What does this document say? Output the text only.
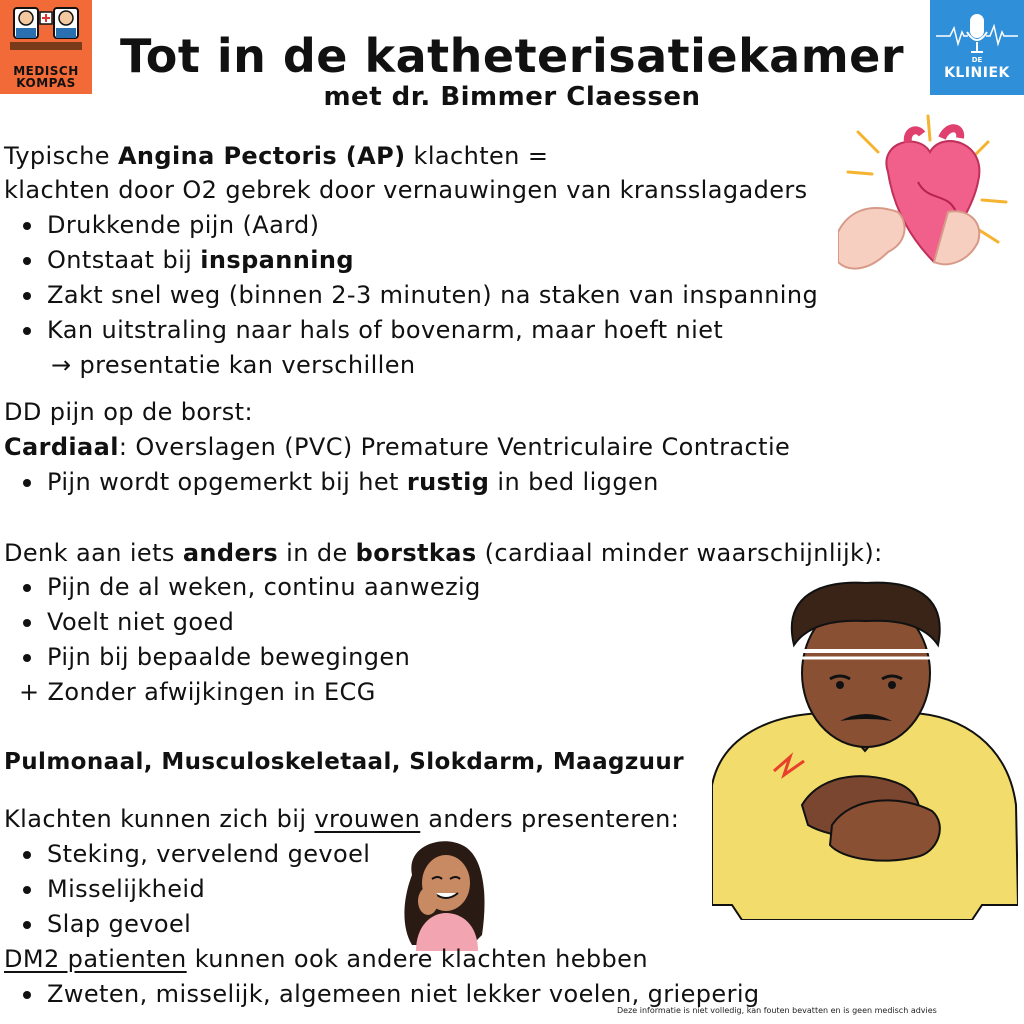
MEDISCH
KOMPAS
DE
KLINIEK
Tot in de katheterisatiekamer
met dr. Bimmer Claessen
Typische Angina Pectoris (AP) klachten =
klachten door O2 gebrek door vernauwingen van kransslagaders
Drukkende pijn (Aard)
Ontstaat bij inspanning
Zakt snel weg (binnen 2-3 minuten) na staken van inspanning
Kan uitstraling naar hals of bovenarm, maar hoeft niet
→ presentatie kan verschillen
DD pijn op de borst:
Cardiaal: Overslagen (PVC) Premature Ventriculaire Contractie
Pijn wordt opgemerkt bij het rustig in bed liggen
Denk aan iets anders in de borstkas (cardiaal minder waarschijnlijk):
Pijn de al weken, continu aanwezig
Voelt niet goed
Pijn bij bepaalde bewegingen
+ Zonder afwijkingen in ECG
Pulmonaal, Musculoskeletaal, Slokdarm, Maagzuur
Klachten kunnen zich bij vrouwen anders presenteren:
Steking, vervelend gevoel
Misselijkheid
Slap gevoel
DM2 patienten kunnen ook andere klachten hebben
Zweten, misselijk, algemeen niet lekker voelen, grieperig
Deze informatie is niet volledig, kan fouten bevatten en is geen medisch advies
